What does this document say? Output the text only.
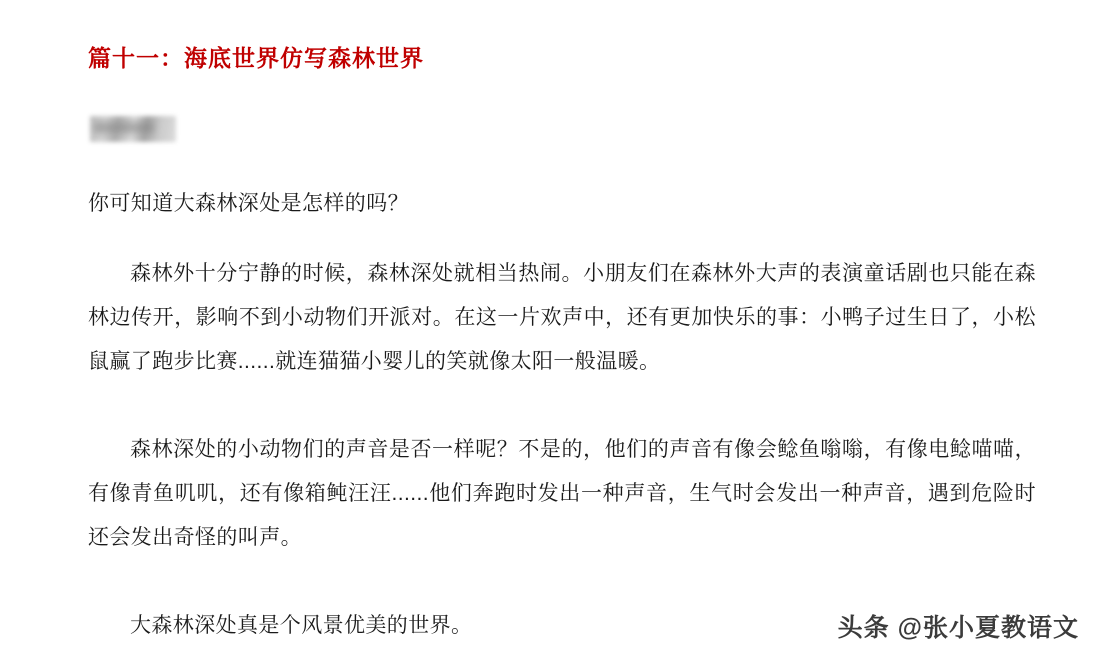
篇十一：海底世界仿写森林世界
你可知道大森林深处是怎样的吗？
森林外十分宁静的时候，森林深处就相当热闹。小朋友们在森林外大声的表演童话剧也只能在森林边传开，影响不到小动物们开派对。在这一片欢声中，还有更加快乐的事：小鸭子过生日了，小松鼠赢了跑步比赛......就连猫猫小婴儿的笑就像太阳一般温暖。
森林深处的小动物们的声音是否一样呢？不是的，他们的声音有像会鲶鱼嗡嗡，有像电鲶喵喵，有像青鱼叽叽，还有像箱鲀汪汪......他们奔跑时发出一种声音，生气时会发出一种声音，遇到危险时还会发出奇怪的叫声。
大森林深处真是个风景优美的世界。	头条 @张小夏教语文
